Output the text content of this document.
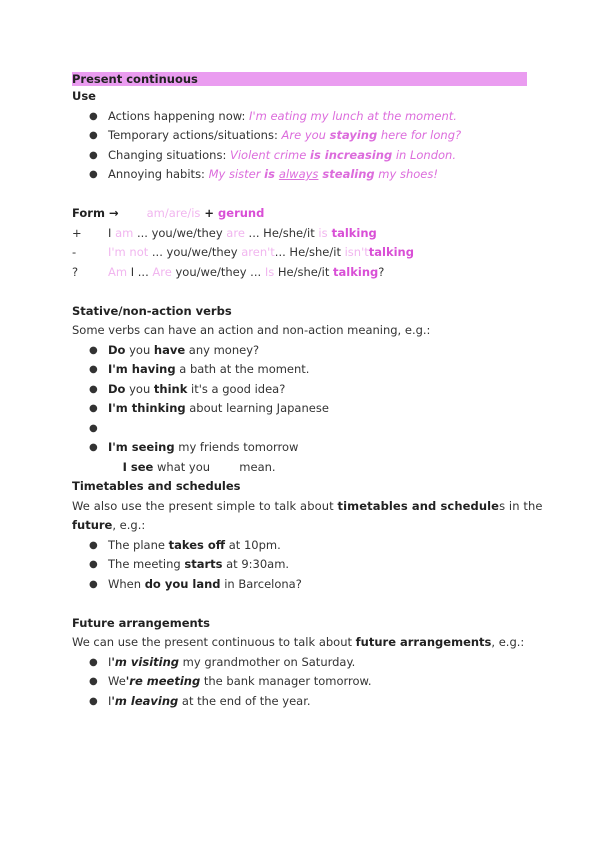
Present continuous
Use
● Actions happening now: I'm eating my lunch at the moment.
● Temporary actions/situations: Are you staying here for long?
● Changing situations: Violent crime is increasing in London.
● Annoying habits: My sister is always stealing my shoes!
Form → am/are/is + gerund
+ I am ... you/we/they are ... He/she/it is talking
-	I'm not ... you/we/they aren't... He/she/it isn'ttalking
?	Am I ... Are you/we/they ... Is He/she/it talking?
Stative/non-action verbs
Some verbs can have an action and non-action meaning, e.g.:
● Do you have any money?
● I'm having a bath at the moment.
● Do you think it's a good idea?
● I'm thinking about learning Japanese

●

I see what you        mean.

● I'm seeing my friends tomorrow
Timetables and schedules
We also use the present simple to talk about timetables and schedules in the
future, e.g.:
● The plane takes off at 10pm.
● The meeting starts at 9:30am.
● When do you land in Barcelona?
Future arrangements
We can use the present continuous to talk about future arrangements, e.g.:
● I'm visiting my grandmother on Saturday.
● We're meeting the bank manager tomorrow.
● I'm leaving at the end of the year.
